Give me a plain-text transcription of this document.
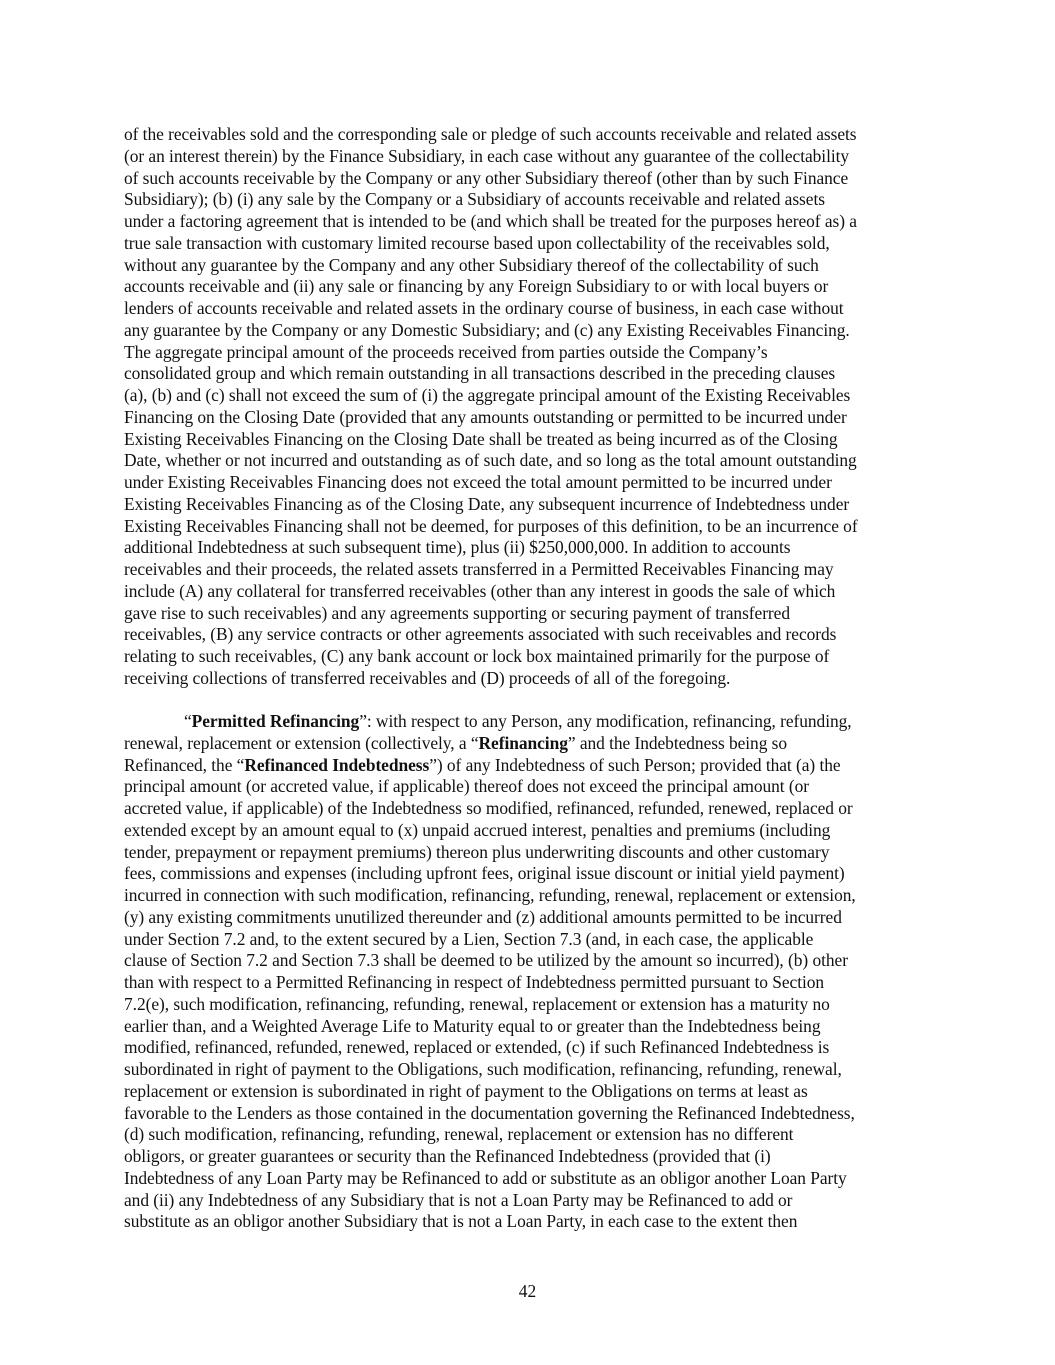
of the receivables sold and the corresponding sale or pledge of such accounts receivable and related assets
(or an interest therein) by the Finance Subsidiary, in each case without any guarantee of the collectability
of such accounts receivable by the Company or any other Subsidiary thereof (other than by such Finance
Subsidiary); (b) (i) any sale by the Company or a Subsidiary of accounts receivable and related assets
under a factoring agreement that is intended to be (and which shall be treated for the purposes hereof as) a
true sale transaction with customary limited recourse based upon collectability of the receivables sold,
without any guarantee by the Company and any other Subsidiary thereof of the collectability of such
accounts receivable and (ii) any sale or financing by any Foreign Subsidiary to or with local buyers or
lenders of accounts receivable and related assets in the ordinary course of business, in each case without
any guarantee by the Company or any Domestic Subsidiary; and (c) any Existing Receivables Financing.
The aggregate principal amount of the proceeds received from parties outside the Company’s
consolidated group and which remain outstanding in all transactions described in the preceding clauses
(a), (b) and (c) shall not exceed the sum of (i) the aggregate principal amount of the Existing Receivables
Financing on the Closing Date (provided that any amounts outstanding or permitted to be incurred under
Existing Receivables Financing on the Closing Date shall be treated as being incurred as of the Closing
Date, whether or not incurred and outstanding as of such date, and so long as the total amount outstanding
under Existing Receivables Financing does not exceed the total amount permitted to be incurred under
Existing Receivables Financing as of the Closing Date, any subsequent incurrence of Indebtedness under
Existing Receivables Financing shall not be deemed, for purposes of this definition, to be an incurrence of
additional Indebtedness at such subsequent time), plus (ii) $250,000,000. In addition to accounts
receivables and their proceeds, the related assets transferred in a Permitted Receivables Financing may
include (A) any collateral for transferred receivables (other than any interest in goods the sale of which
gave rise to such receivables) and any agreements supporting or securing payment of transferred
receivables, (B) any service contracts or other agreements associated with such receivables and records
relating to such receivables, (C) any bank account or lock box maintained primarily for the purpose of
receiving collections of transferred receivables and (D) proceeds of all of the foregoing.
“Permitted Refinancing”: with respect to any Person, any modification, refinancing, refunding,
renewal, replacement or extension (collectively, a “Refinancing” and the Indebtedness being so
Refinanced, the “Refinanced Indebtedness”) of any Indebtedness of such Person; provided that (a) the
principal amount (or accreted value, if applicable) thereof does not exceed the principal amount (or
accreted value, if applicable) of the Indebtedness so modified, refinanced, refunded, renewed, replaced or
extended except by an amount equal to (x) unpaid accrued interest, penalties and premiums (including
tender, prepayment or repayment premiums) thereon plus underwriting discounts and other customary
fees, commissions and expenses (including upfront fees, original issue discount or initial yield payment)
incurred in connection with such modification, refinancing, refunding, renewal, replacement or extension,
(y) any existing commitments unutilized thereunder and (z) additional amounts permitted to be incurred
under Section 7.2 and, to the extent secured by a Lien, Section 7.3 (and, in each case, the applicable
clause of Section 7.2 and Section 7.3 shall be deemed to be utilized by the amount so incurred), (b) other
than with respect to a Permitted Refinancing in respect of Indebtedness permitted pursuant to Section
7.2(e), such modification, refinancing, refunding, renewal, replacement or extension has a maturity no
earlier than, and a Weighted Average Life to Maturity equal to or greater than the Indebtedness being
modified, refinanced, refunded, renewed, replaced or extended, (c) if such Refinanced Indebtedness is
subordinated in right of payment to the Obligations, such modification, refinancing, refunding, renewal,
replacement or extension is subordinated in right of payment to the Obligations on terms at least as
favorable to the Lenders as those contained in the documentation governing the Refinanced Indebtedness,
(d) such modification, refinancing, refunding, renewal, replacement or extension has no different
obligors, or greater guarantees or security than the Refinanced Indebtedness (provided that (i)
Indebtedness of any Loan Party may be Refinanced to add or substitute as an obligor another Loan Party
and (ii) any Indebtedness of any Subsidiary that is not a Loan Party may be Refinanced to add or
substitute as an obligor another Subsidiary that is not a Loan Party, in each case to the extent then
42
